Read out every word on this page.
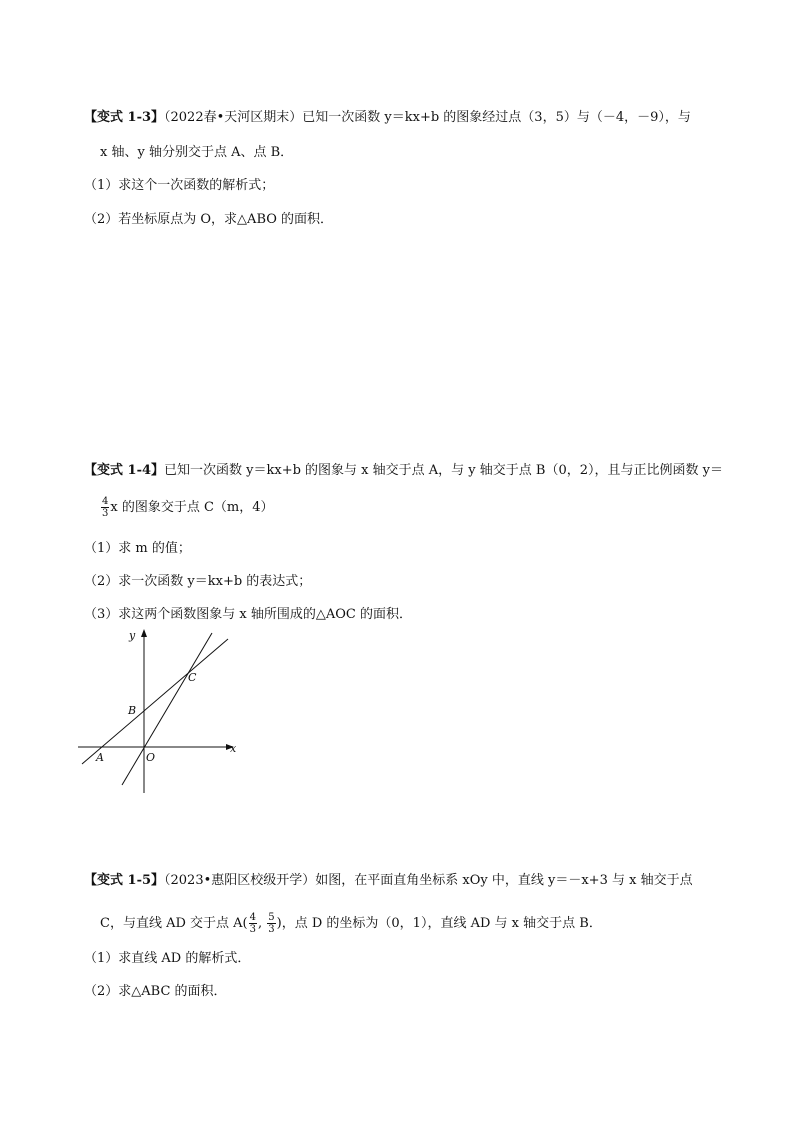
【变式 1-3】（2022春•天河区期末）已知一次函数 y＝kx+b 的图象经过点（3，5）与（－4，－9），与
x 轴、y 轴分别交于点 A、点 B．
（1）求这个一次函数的解析式；
（2）若坐标原点为 O，求△ABO 的面积．
【变式 1-4】已知一次函数 y＝kx+b 的图象与 x 轴交于点 A，与 y 轴交于点 B（0，2），且与正比例函数 y＝
$\frac{4}{3}$ x 的图象交于点 C（m，4）
（1）求 m 的值；
（2）求一次函数 y＝kx+b 的表达式；
（3）求这两个函数图象与 x 轴所围成的△AOC 的面积．
y
x
C
B
A	O
【变式 1-5】（2023•惠阳区校级开学）如图，在平面直角坐标系 xOy 中，直线 y＝－x+3 与 x 轴交于点
C，与直线 AD 交于点 $A( \frac{4}{3}$ , $\frac{5}{3}$ )，点 D 的坐标为（0，1），直线 AD 与 x 轴交于点 B．
（1）求直线 AD 的解析式．
（2）求△ABC 的面积．
